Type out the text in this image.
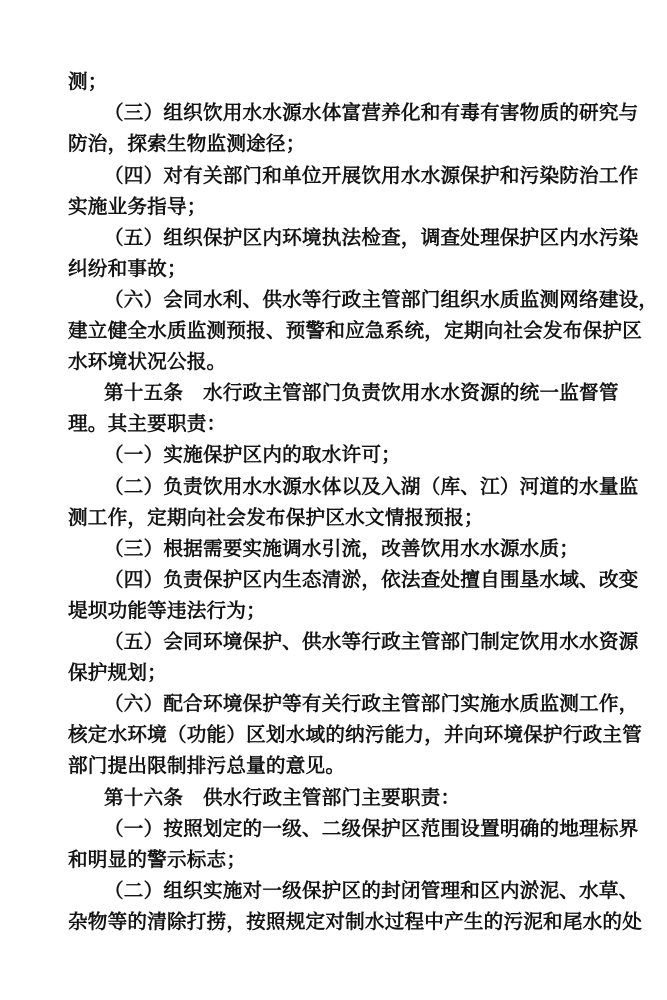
测；
（三）组织饮用水水源水体富营养化和有毒有害物质的研究与
防治，探索生物监测途径；
（四）对有关部门和单位开展饮用水水源保护和污染防治工作
实施业务指导；
（五）组织保护区内环境执法检查，调查处理保护区内水污染
纠纷和事故；
（六）会同水利、供水等行政主管部门组织水质监测网络建设，
建立健全水质监测预报、预警和应急系统，定期向社会发布保护区
水环境状况公报。
第十五条　水行政主管部门负责饮用水水资源的统一监督管
理。其主要职责：
（一）实施保护区内的取水许可；
（二）负责饮用水水源水体以及入湖（库、江）河道的水量监
测工作，定期向社会发布保护区水文情报预报；
（三）根据需要实施调水引流，改善饮用水水源水质；
（四）负责保护区内生态清淤，依法查处擅自围垦水域、改变
堤坝功能等违法行为；
（五）会同环境保护、供水等行政主管部门制定饮用水水资源
保护规划；
（六）配合环境保护等有关行政主管部门实施水质监测工作，
核定水环境（功能）区划水域的纳污能力，并向环境保护行政主管
部门提出限制排污总量的意见。
第十六条　供水行政主管部门主要职责：
（一）按照划定的一级、二级保护区范围设置明确的地理标界
和明显的警示标志；
（二）组织实施对一级保护区的封闭管理和区内淤泥、水草、
杂物等的清除打捞，按照规定对制水过程中产生的污泥和尾水的处
